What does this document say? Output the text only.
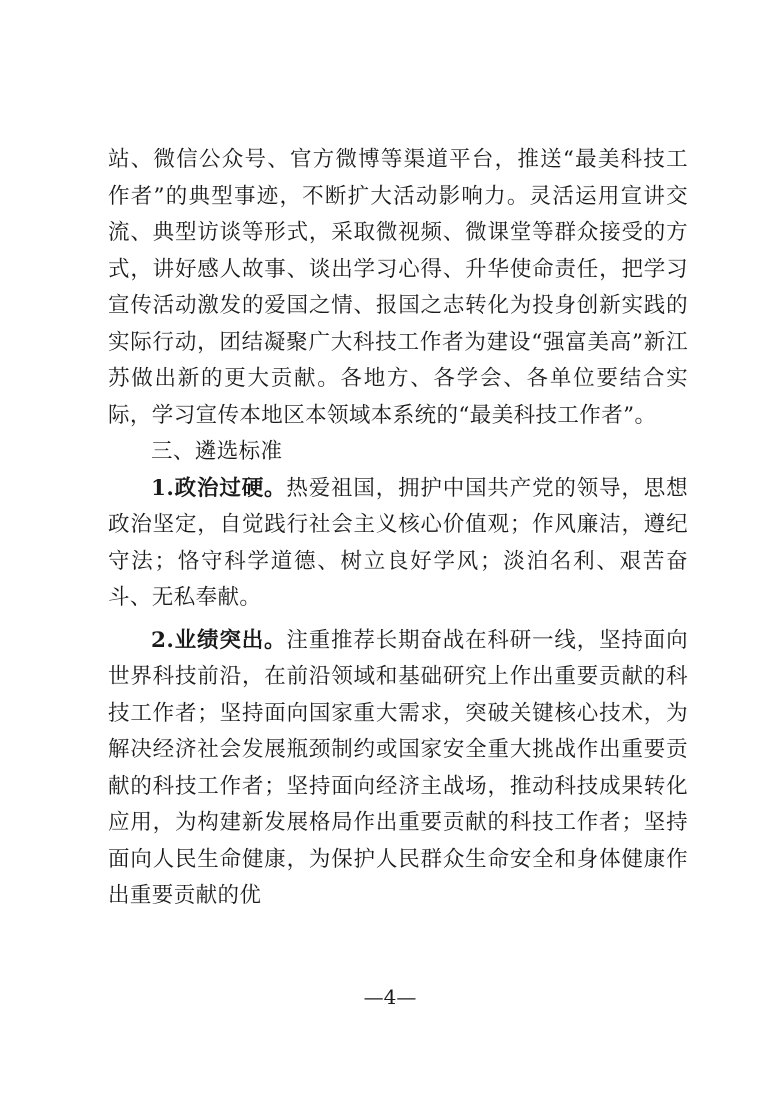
站、微信公众号、官方微博等渠道平台，推送“最美科技工作者”的典型事迹，不断扩大活动影响力。灵活运用宣讲交流、典型访谈等形式，采取微视频、微课堂等群众接受的方式，讲好感人故事、谈出学习心得、升华使命责任，把学习宣传活动激发的爱国之情、报国之志转化为投身创新实践的实际行动，团结凝聚广大科技工作者为建设“强富美高”新江苏做出新的更大贡献。各地方、各学会、各单位要结合实际，学习宣传本地区本领域本系统的“最美科技工作者”。

三、遴选标准

1.政治过硬。热爱祖国，拥护中国共产党的领导，思想政治坚定，自觉践行社会主义核心价值观；作风廉洁，遵纪守法；恪守科学道德、树立良好学风；淡泊名利、艰苦奋斗、无私奉献。

2.业绩突出。注重推荐长期奋战在科研一线，坚持面向世界科技前沿，在前沿领域和基础研究上作出重要贡献的科技工作者；坚持面向国家重大需求，突破关键核心技术，为解决经济社会发展瓶颈制约或国家安全重大挑战作出重要贡献的科技工作者；坚持面向经济主战场，推动科技成果转化应用，为构建新发展格局作出重要贡献的科技工作者；坚持面向人民生命健康，为保护人民群众生命安全和身体健康作出重要贡献的优

—4—
